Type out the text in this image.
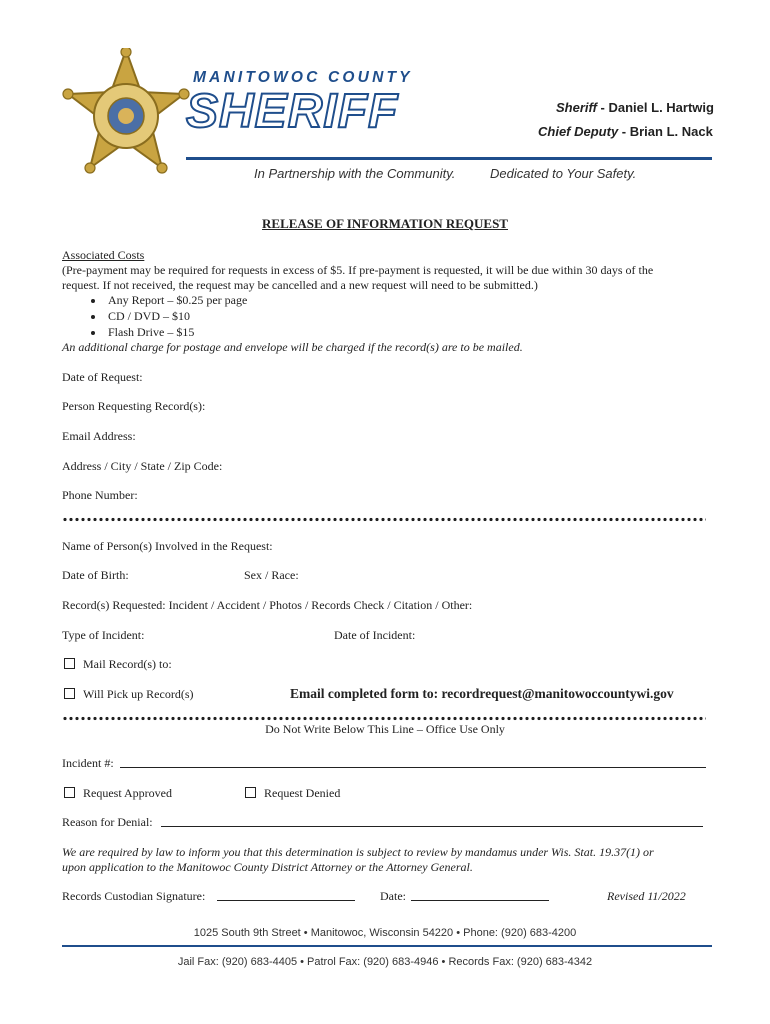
MANITOWOC COUNTY
SHERIFF	Sheriff - Daniel L. Hartwig
Chief Deputy - Brian L. Nack
In Partnership with the Community.	Dedicated to Your Safety.
RELEASE OF INFORMATION REQUEST
Associated Costs
(Pre-payment may be required for requests in excess of $5. If pre-payment is requested, it will be due within 30 days of the
request. If not received, the request may be cancelled and a new request will need to be submitted.)
Any Report – $0.25 per page
CD / DVD – $10
Flash Drive – $15
An additional charge for postage and envelope will be charged if the record(s) are to be mailed.
Date of Request:
Person Requesting Record(s):
Email Address:
Address / City / State / Zip Code:
Phone Number:
Name of Person(s) Involved in the Request:
Date of Birth:	Sex / Race:
Record(s) Requested: Incident / Accident / Photos / Records Check / Citation / Other:
Type of Incident:	Date of Incident:
Mail Record(s) to:
Will Pick up Record(s)	Email completed form to: recordrequest@manitowoccountywi.gov
Do Not Write Below This Line – Office Use Only
Incident #:
Request Approved	Request Denied
Reason for Denial:
We are required by law to inform you that this determination is subject to review by mandamus under Wis. Stat. 19.37(1) or
upon application to the Manitowoc County District Attorney or the Attorney General.
Records Custodian Signature:	Date:	Revised 11/2022
1025 South 9th Street • Manitowoc, Wisconsin 54220 • Phone: (920) 683-4200
Jail Fax: (920) 683-4405 • Patrol Fax: (920) 683-4946 • Records Fax: (920) 683-4342
